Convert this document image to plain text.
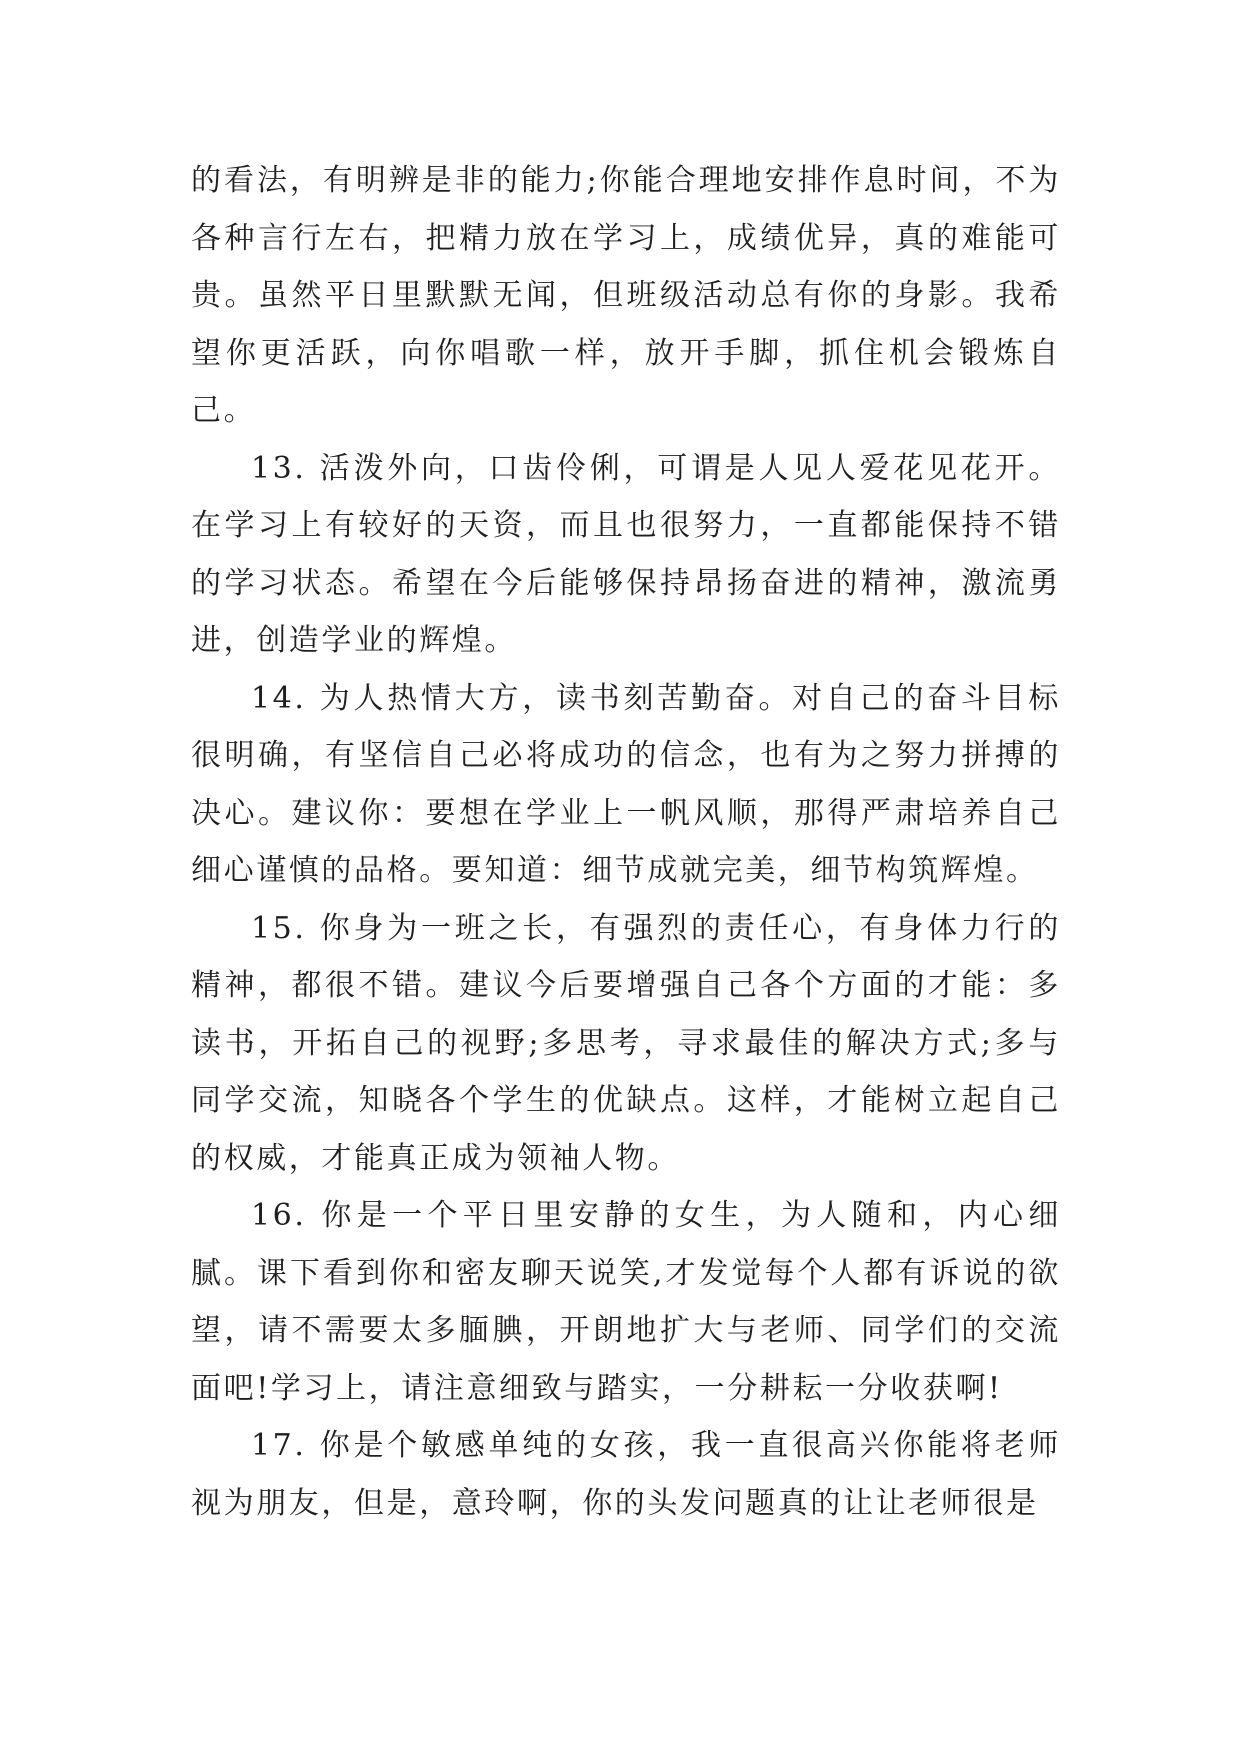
的看法，有明辨是非的能力;你能合理地安排作息时间，不为各种言行左右，把精力放在学习上，成绩优异，真的难能可贵。虽然平日里默默无闻，但班级活动总有你的身影。我希望你更活跃，向你唱歌一样，放开手脚，抓住机会锻炼自己。

13. 活泼外向，口齿伶俐，可谓是人见人爱花见花开。在学习上有较好的天资，而且也很努力，一直都能保持不错的学习状态。希望在今后能够保持昂扬奋进的精神，激流勇进，创造学业的辉煌。

14. 为人热情大方，读书刻苦勤奋。对自己的奋斗目标很明确，有坚信自己必将成功的信念，也有为之努力拼搏的决心。建议你：要想在学业上一帆风顺，那得严肃培养自己细心谨慎的品格。要知道：细节成就完美，细节构筑辉煌。

15. 你身为一班之长，有强烈的责任心，有身体力行的精神，都很不错。建议今后要增强自己各个方面的才能：多读书，开拓自己的视野;多思考，寻求最佳的解决方式;多与同学交流，知晓各个学生的优缺点。这样，才能树立起自己的权威，才能真正成为领袖人物。

16. 你是一个平日里安静的女生，为人随和，内心细腻。课下看到你和密友聊天说笑,才发觉每个人都有诉说的欲望，请不需要太多腼腆，开朗地扩大与老师、同学们的交流面吧!学习上，请注意细致与踏实，一分耕耘一分收获啊!

17. 你是个敏感单纯的女孩，我一直很高兴你能将老师视为朋友，但是，意玲啊，你的头发问题真的让让老师很是
